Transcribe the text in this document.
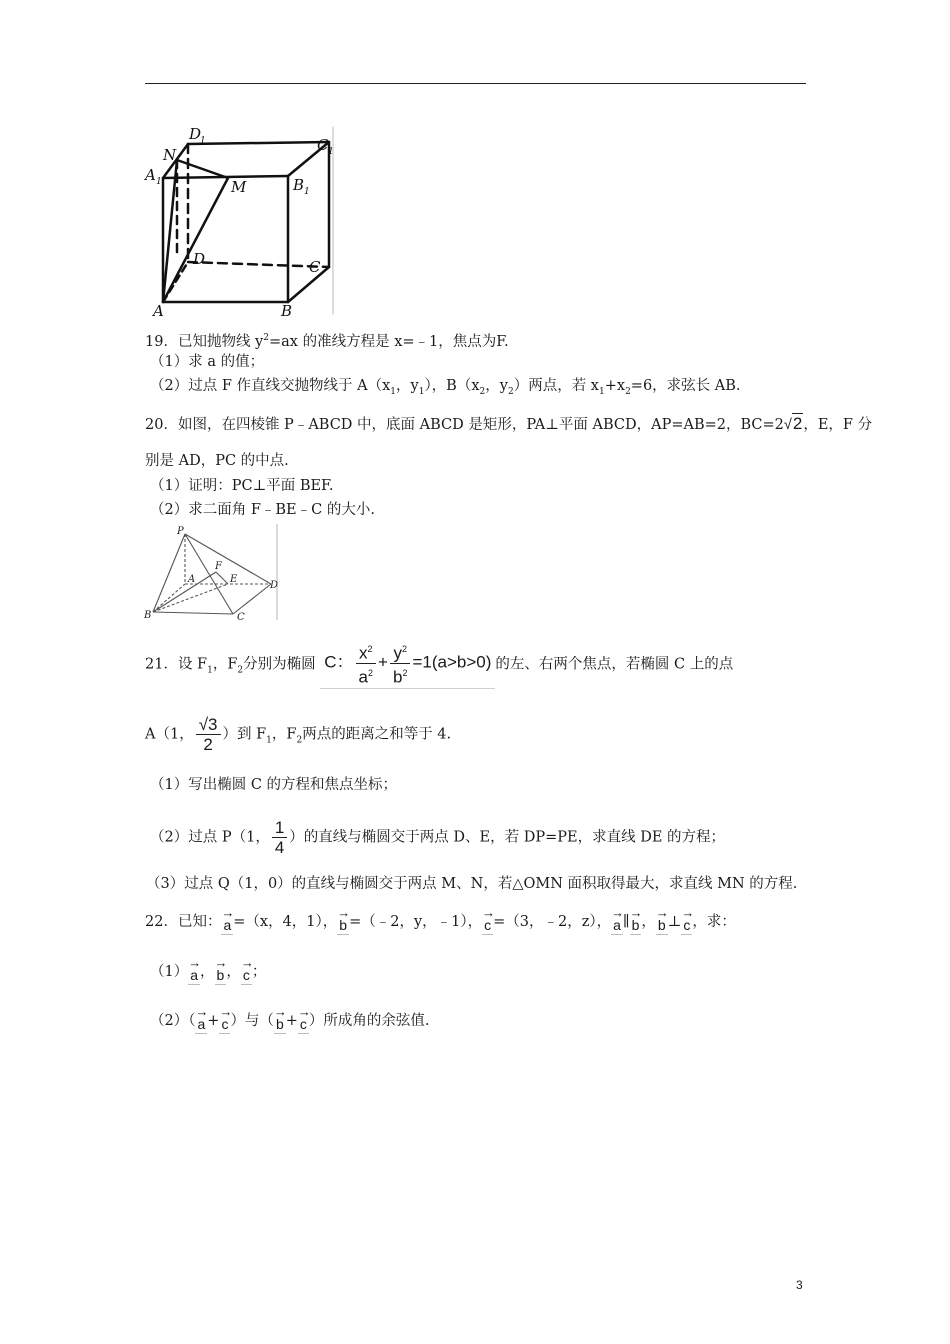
A 1
N
D
1
M	B 1
C 1
D	C
A	B
19．已知抛物线 $y^2=ax$ 的准线方程是 x=﹣1，焦点为F.
（1）求 a 的值；
（2）过点 F 作直线交抛物线于 $A(x_1$，$y_1$），$B(x_2$，$y_2$）两点，若 $x_1+x_2=6$，求弦长 AB.
20．如图，在四棱锥 P﹣ABCD 中，底面 ABCD 是矩形，PA⊥平面 ABCD，AP=AB=2，BC=2√2，E，F 分
别是 AD，PC 的中点.
（1）证明：PC⊥平面 BEF.
（2）求二面角 F﹣BE﹣C 的大小.
P
A
F
E
D
B	C
21．设 $F_1$，$F_2$分别为椭圆 C： $\frac{x^2}{a^2} + \frac{y^2}{b^2} =1(a>b>0)$ 的左、右两个焦点，若椭圆 C 上的点
A（1， $\frac{√3}{2}$ ）到 $F_1$，$F_2$两点的距离之和等于 4.
（1）写出椭圆 C 的方程和焦点坐标；
（2）过点 P（1， $\frac{1}{4}$ ）的直线与椭圆交于两点 D、E，若 DP=PE，求直线 DE 的方程；
（3）过点 Q（1，0）的直线与椭圆交于两点 M、N，若△OMN 面积取得最大，求直线 MN 的方程.
22．已知： → a =（x，4，1）， → b =（﹣2，y，﹣1）， → c =（3，﹣2，z）， → a ∥ → b ， → b ⊥ → c ，求：
（1） → a ， → b ， → c ；
（2）（ → a + → c ）与（ → b + → c ）所成角的余弦值.
3
